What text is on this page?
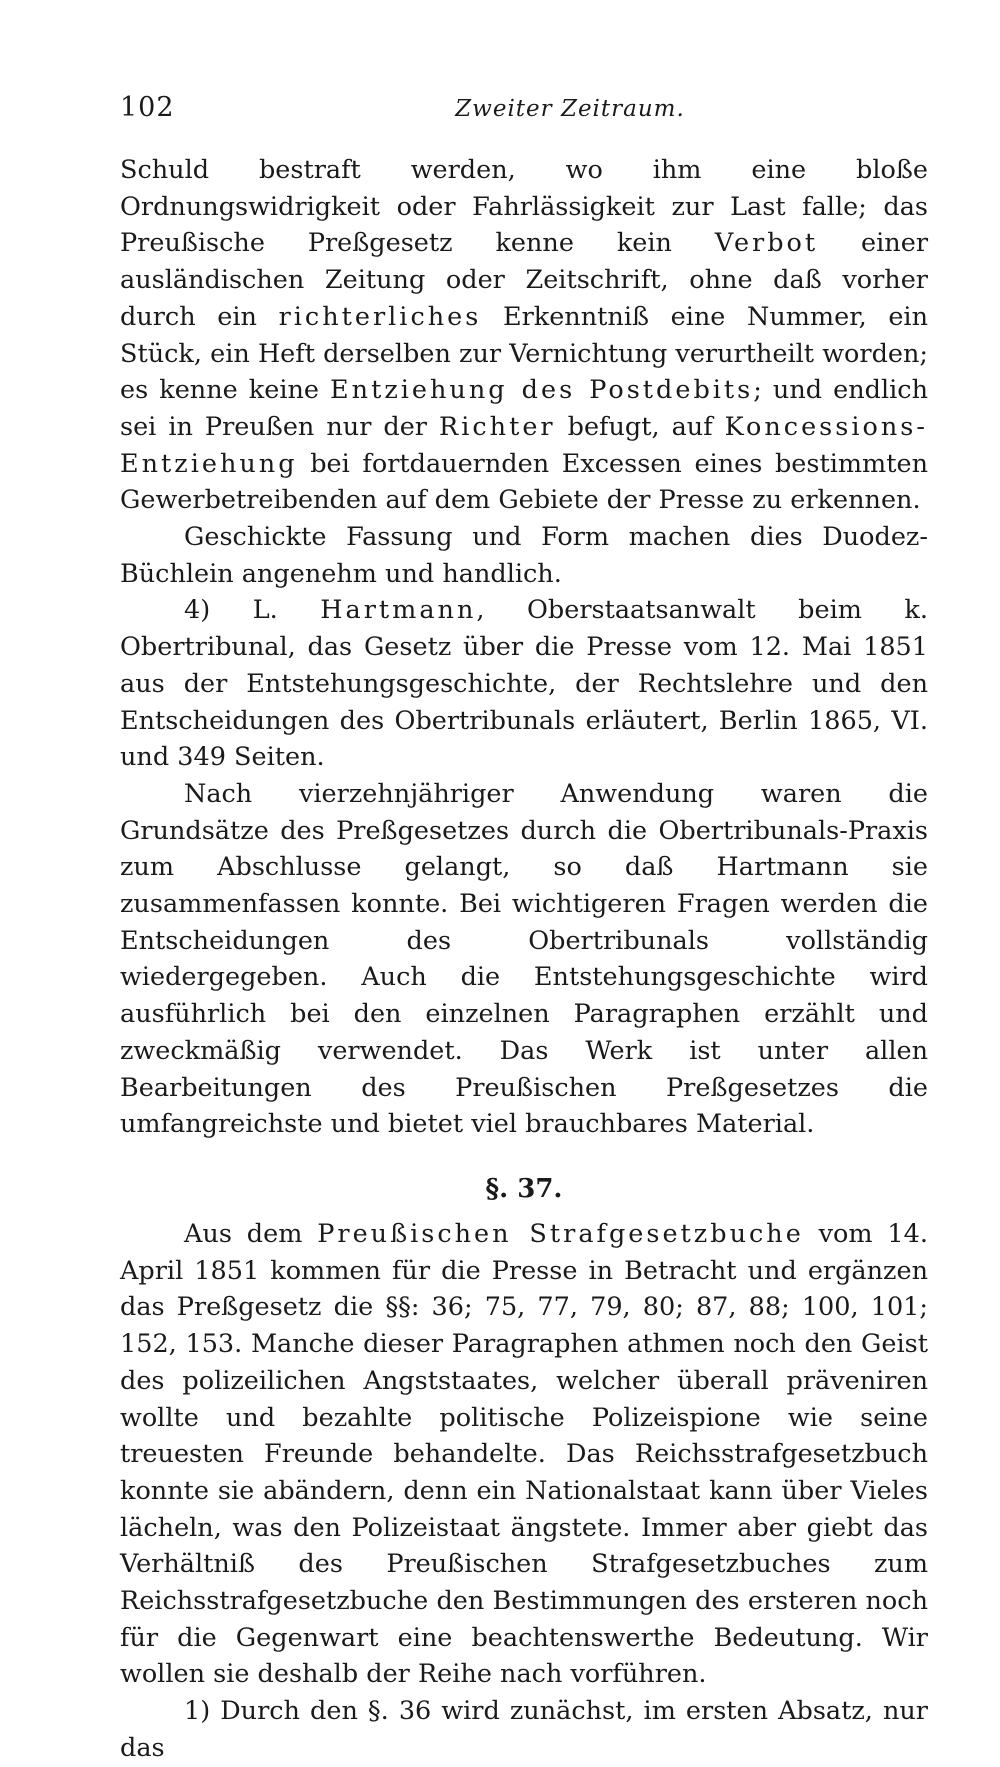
102	Zweiter Zeitraum.

Schuld bestraft werden, wo ihm eine bloße Ordnungswidrigkeit oder Fahrlässigkeit zur Last falle; das Preußische Preßgesetz kenne kein Verbot einer ausländischen Zeitung oder Zeitschrift, ohne daß vorher durch ein richterliches Erkenntniß eine Nummer, ein Stück, ein Heft derselben zur Vernichtung verurtheilt worden; es kenne keine Entziehung des Postdebits; und endlich sei in Preußen nur der Richter befugt, auf Koncessions-Entziehung bei fortdauernden Excessen eines bestimmten Gewerbetreibenden auf dem Gebiete der Presse zu erkennen.

Geschickte Fassung und Form machen dies Duodez-Büchlein angenehm und handlich.

4) L. Hartmann, Oberstaatsanwalt beim k. Obertribunal, das Gesetz über die Presse vom 12. Mai 1851 aus der Entstehungsgeschichte, der Rechtslehre und den Entscheidungen des Obertribunals erläutert, Berlin 1865, VI. und 349 Seiten.

Nach vierzehnjähriger Anwendung waren die Grundsätze des Preßgesetzes durch die Obertribunals-Praxis zum Abschlusse gelangt, so daß Hartmann sie zusammenfassen konnte. Bei wichtigeren Fragen werden die Entscheidungen des Obertribunals vollständig wiedergegeben. Auch die Entstehungsgeschichte wird ausführlich bei den einzelnen Paragraphen erzählt und zweckmäßig verwendet. Das Werk ist unter allen Bearbeitungen des Preußischen Preßgesetzes die umfangreichste und bietet viel brauchbares Material.

§. 37.

Aus dem Preußischen Strafgesetzbuche vom 14. April 1851 kommen für die Presse in Betracht und ergänzen das Preßgesetz die §§: 36; 75, 77, 79, 80; 87, 88; 100, 101; 152, 153. Manche dieser Paragraphen athmen noch den Geist des polizeilichen Angststaates, welcher überall präveniren wollte und bezahlte politische Polizeispione wie seine treuesten Freunde behandelte. Das Reichsstrafgesetzbuch konnte sie abändern, denn ein Nationalstaat kann über Vieles lächeln, was den Polizeistaat ängstete. Immer aber giebt das Verhältniß des Preußischen Strafgesetzbuches zum Reichsstrafgesetzbuche den Bestimmungen des ersteren noch für die Gegenwart eine beachtenswerthe Bedeutung. Wir wollen sie deshalb der Reihe nach vorführen.

1) Durch den §. 36 wird zunächst, im ersten Absatz, nur das
